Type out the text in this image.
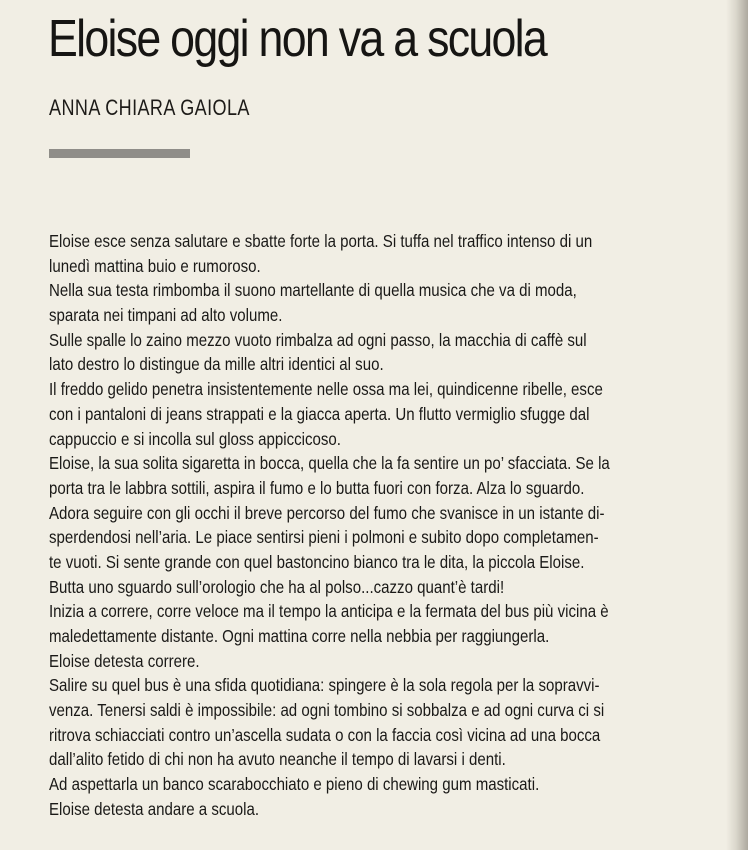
Eloise oggi non va a scuola
ANNA CHIARA GAIOLA
Eloise esce senza salutare e sbatte forte la porta. Si tuffa nel traffico intenso di un
lunedì mattina buio e rumoroso.
Nella sua testa rimbomba il suono martellante di quella musica che va di moda,
sparata nei timpani ad alto volume.
Sulle spalle lo zaino mezzo vuoto rimbalza ad ogni passo, la macchia di caffè sul
lato destro lo distingue da mille altri identici al suo.
Il freddo gelido penetra insistentemente nelle ossa ma lei, quindicenne ribelle, esce
con i pantaloni di jeans strappati e la giacca aperta. Un flutto vermiglio sfugge dal
cappuccio e si incolla sul gloss appiccicoso.
Eloise, la sua solita sigaretta in bocca, quella che la fa sentire un po’ sfacciata. Se la
porta tra le labbra sottili, aspira il fumo e lo butta fuori con forza. Alza lo sguardo.
Adora seguire con gli occhi il breve percorso del fumo che svanisce in un istante di-
sperdendosi nell’aria. Le piace sentirsi pieni i polmoni e subito dopo completamen-
te vuoti. Si sente grande con quel bastoncino bianco tra le dita, la piccola Eloise.
Butta uno sguardo sull’orologio che ha al polso...cazzo quant’è tardi!
Inizia a correre, corre veloce ma il tempo la anticipa e la fermata del bus più vicina è
maledettamente distante. Ogni mattina corre nella nebbia per raggiungerla.
Eloise detesta correre.
Salire su quel bus è una sfida quotidiana: spingere è la sola regola per la sopravvi-
venza. Tenersi saldi è impossibile: ad ogni tombino si sobbalza e ad ogni curva ci si
ritrova schiacciati contro un’ascella sudata o con la faccia così vicina ad una bocca
dall’alito fetido di chi non ha avuto neanche il tempo di lavarsi i denti.
Ad aspettarla un banco scarabocchiato e pieno di chewing gum masticati.
Eloise detesta andare a scuola.
